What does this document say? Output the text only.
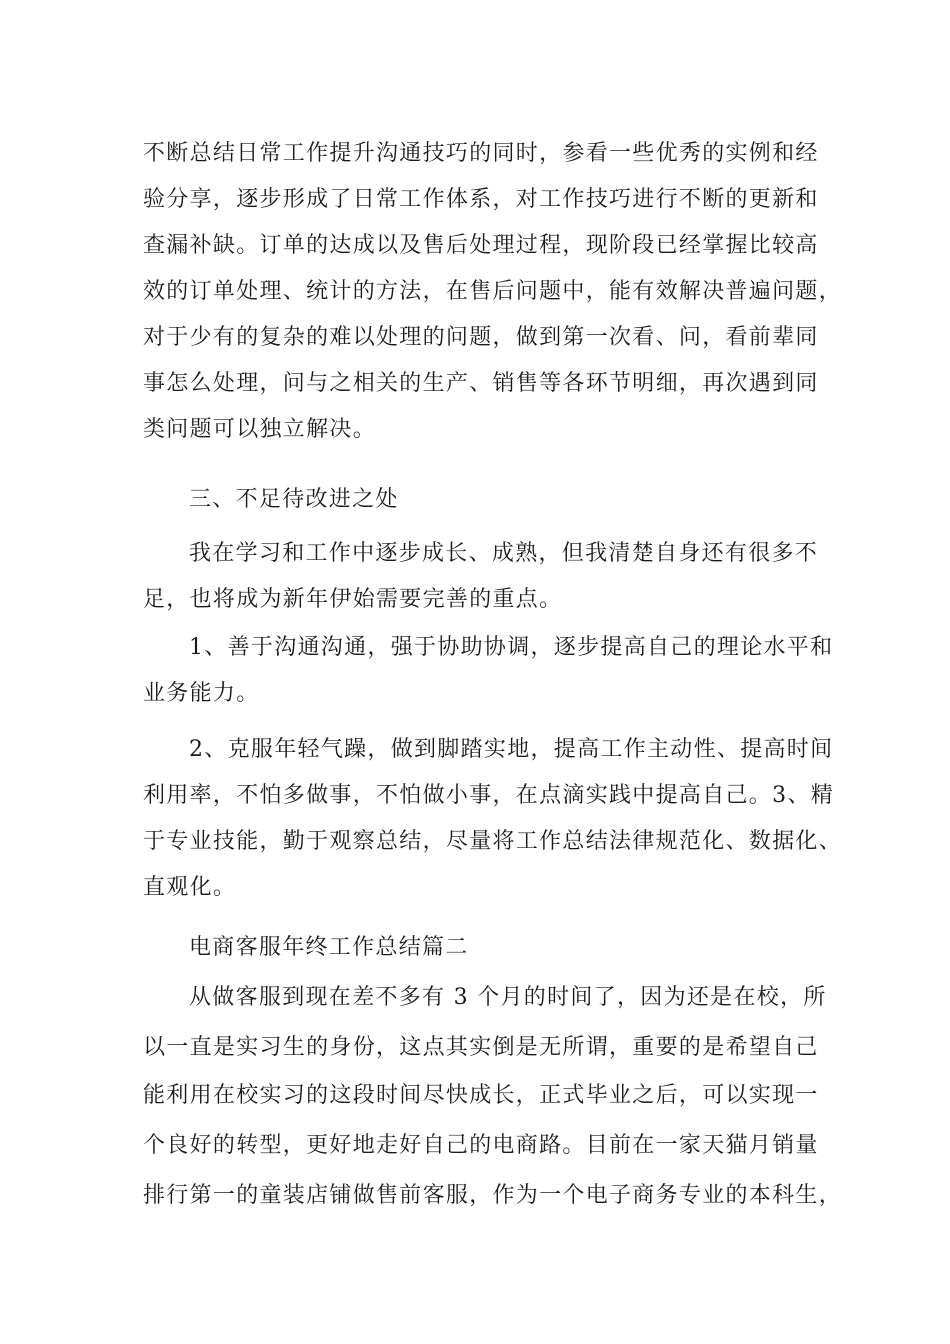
不断总结日常工作提升沟通技巧的同时，参看一些优秀的实例和经
验分享，逐步形成了日常工作体系，对工作技巧进行不断的更新和
查漏补缺。订单的达成以及售后处理过程，现阶段已经掌握比较高
效的订单处理、统计的方法，在售后问题中，能有效解决普遍问题，
对于少有的复杂的难以处理的问题，做到第一次看、问，看前辈同
事怎么处理，问与之相关的生产、销售等各环节明细，再次遇到同
类问题可以独立解决。
三、不足待改进之处
我在学习和工作中逐步成长、成熟，但我清楚自身还有很多不
足，也将成为新年伊始需要完善的重点。
1、善于沟通沟通，强于协助协调，逐步提高自己的理论水平和
业务能力。
2、克服年轻气躁，做到脚踏实地，提高工作主动性、提高时间
利用率，不怕多做事，不怕做小事，在点滴实践中提高自己。3、精
于专业技能，勤于观察总结，尽量将工作总结法律规范化、数据化、
直观化。
电商客服年终工作总结篇二
从做客服到现在差不多有 3 个月的时间了，因为还是在校，所
以一直是实习生的身份，这点其实倒是无所谓，重要的是希望自己
能利用在校实习的这段时间尽快成长，正式毕业之后，可以实现一
个良好的转型，更好地走好自己的电商路。目前在一家天猫月销量
排行第一的童装店铺做售前客服，作为一个电子商务专业的本科生，
